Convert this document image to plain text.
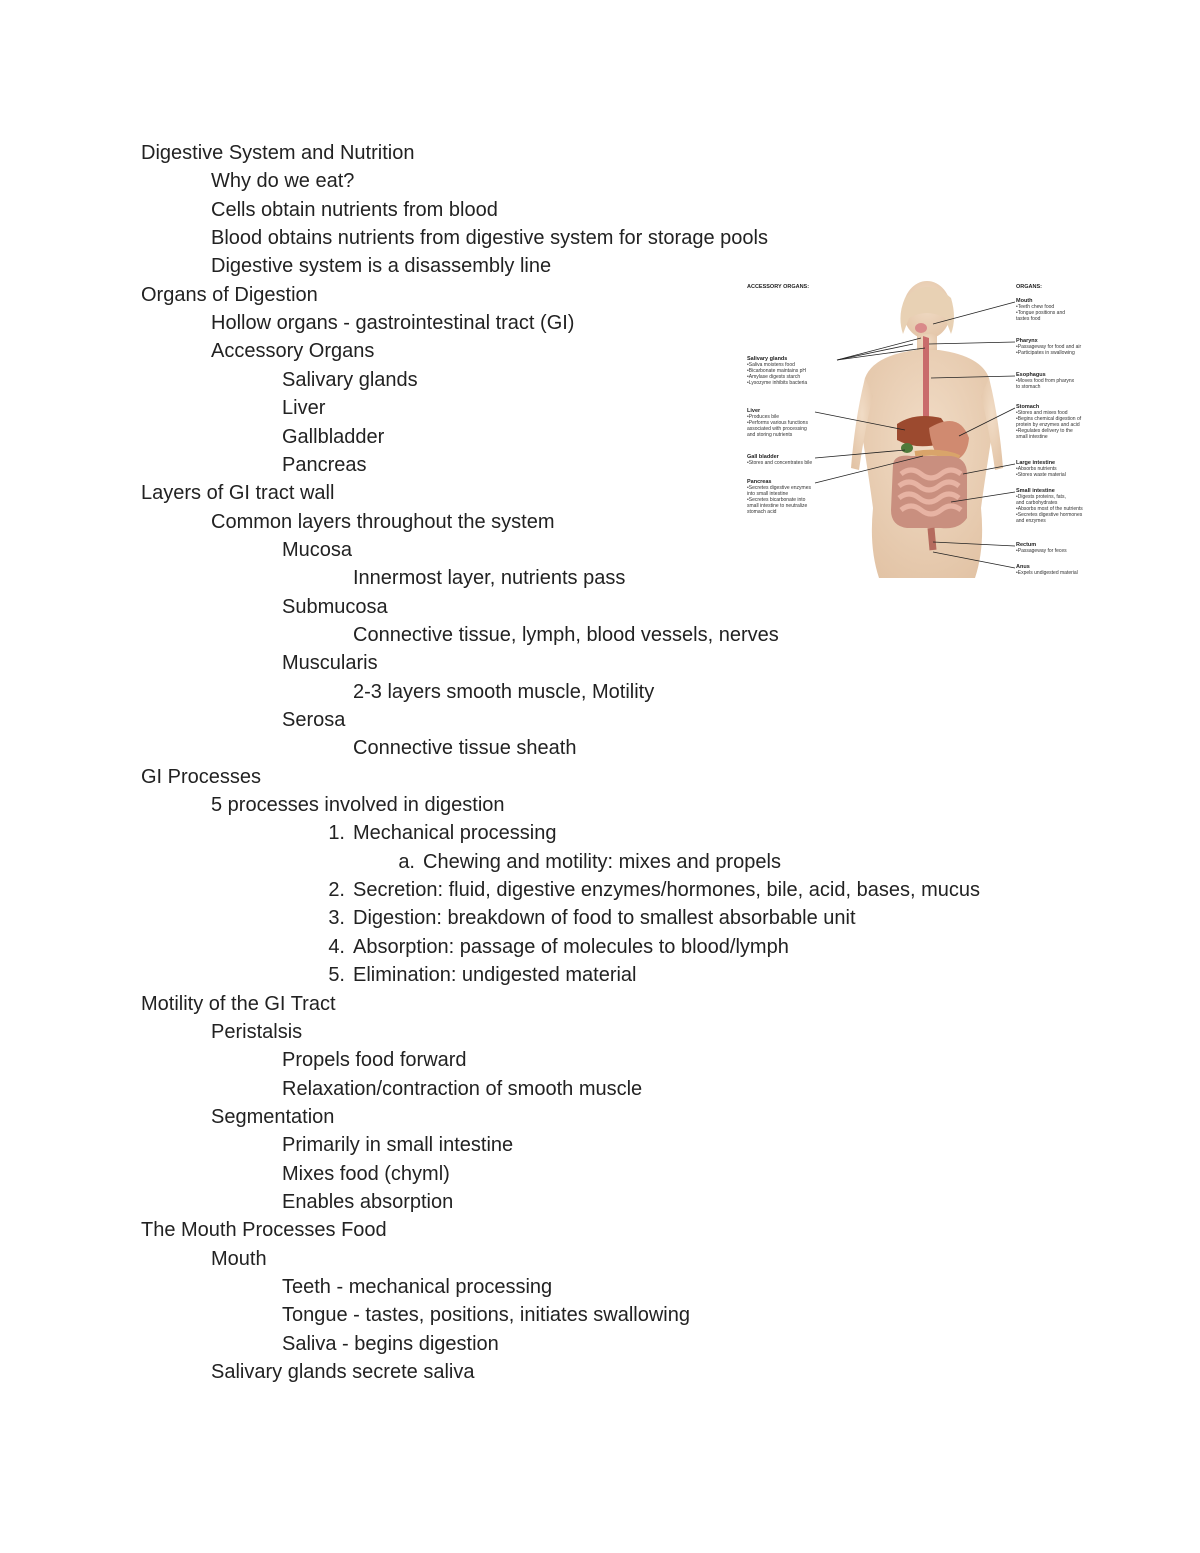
Digestive System and Nutrition
Why do we eat?
Cells obtain nutrients from blood
Blood obtains nutrients from digestive system for storage pools
Digestive system is a disassembly line
Organs of Digestion
Hollow organs - gastrointestinal tract (GI)
Accessory Organs
Salivary glands
Liver
Gallbladder
Pancreas
Layers of GI tract wall
Common layers throughout the system
Mucosa
Innermost layer, nutrients pass
Submucosa
Connective tissue, lymph, blood vessels, nerves
Muscularis
2-3 layers smooth muscle, Motility
Serosa
Connective tissue sheath
GI Processes
5 processes involved in digestion
1. Mechanical processing
a. Chewing and motility: mixes and propels
2. Secretion: fluid, digestive enzymes/hormones, bile, acid, bases, mucus
3. Digestion: breakdown of food to smallest absorbable unit
4. Absorption: passage of molecules to blood/lymph
5. Elimination: undigested material
Motility of the GI Tract
Peristalsis
Propels food forward
Relaxation/contraction of smooth muscle
Segmentation
Primarily in small intestine
Mixes food (chyml)
Enables absorption
The Mouth Processes Food
Mouth
Teeth - mechanical processing
Tongue - tastes, positions, initiates swallowing
Saliva - begins digestion
Salivary glands secrete saliva
ACCESSORY ORGANS:	ORGANS:
Salivary glands
•Saliva moistens food
•Bicarbonate maintains pH
•Amylase digests starch
•Lysozyme inhibits bacteria
Liver
•Produces bile
•Performs various functions
associated with processing
and storing nutrients
Gall bladder
•Stores and concentrates bile
Pancreas
•Secretes digestive enzymes
into small intestine
•Secretes bicarbonate into
small intestine to neutralize
stomach acid
Mouth
•Teeth chew food
•Tongue positions and
tastes food
Pharynx
•Passageway for food and air
•Participates in swallowing
Esophagus
•Moves food from pharynx
to stomach
Stomach
•Stores and mixes food
•Begins chemical digestion of
protein by enzymes and acid
•Regulates delivery to the
small intestine
Large intestine
•Absorbs nutrients
•Stores waste material
Small intestine
•Digests proteins, fats,
and carbohydrates
•Absorbs most of the nutrients
•Secretes digestive hormones
and enzymes
Rectum
•Passageway for feces
Anus
•Expels undigested material
